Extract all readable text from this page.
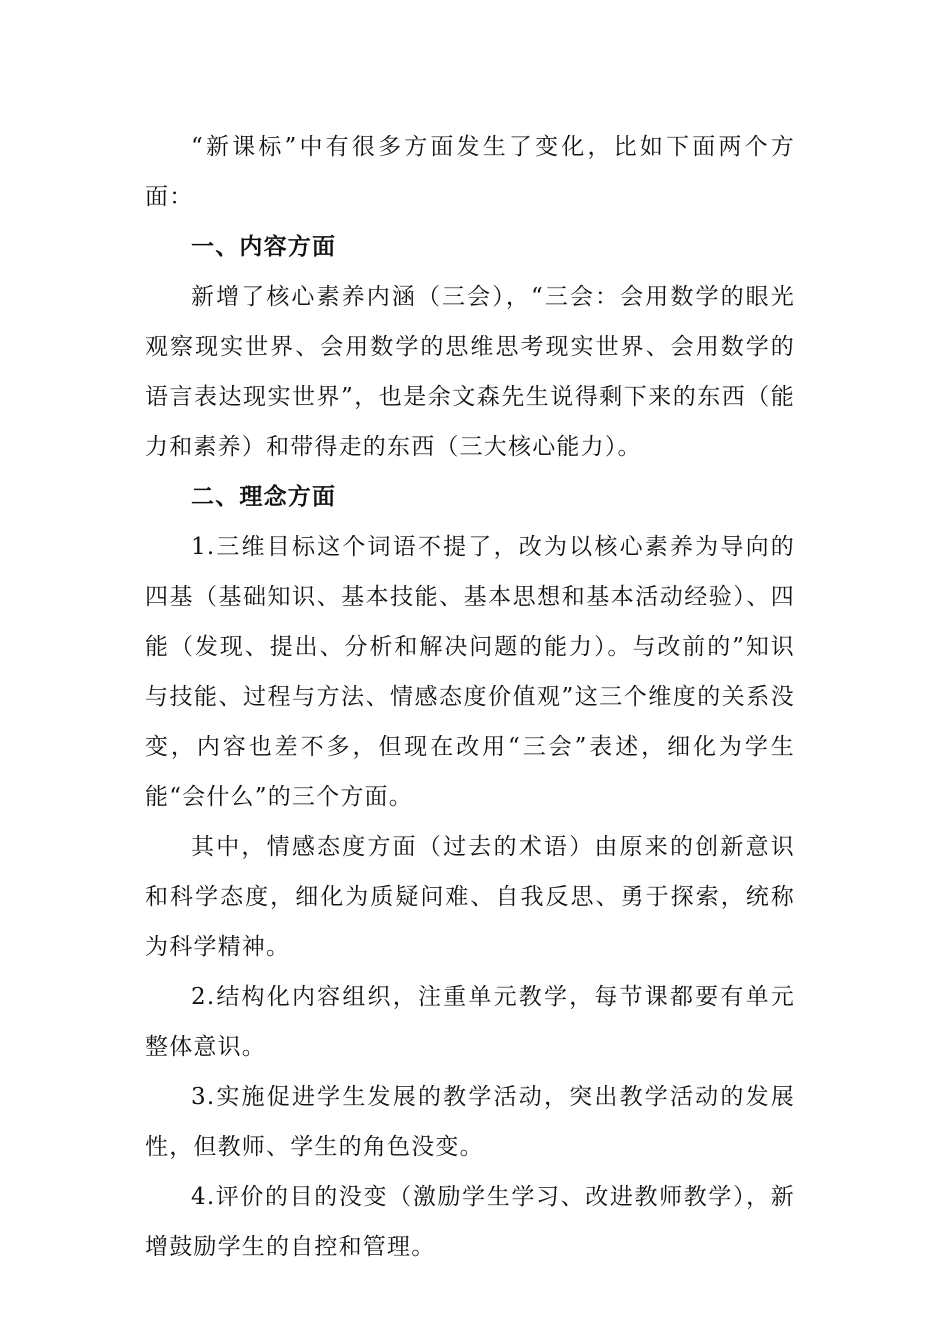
“新课标”中有很多方面发生了变化，比如下面两个方面：

一、内容方面

新增了核心素养内涵（三会），“三会：会用数学的眼光观察现实世界、会用数学的思维思考现实世界、会用数学的语言表达现实世界”，也是余文森先生说得剩下来的东西（能力和素养）和带得走的东西（三大核心能力）。

二、理念方面

1.三维目标这个词语不提了，改为以核心素养为导向的四基（基础知识、基本技能、基本思想和基本活动经验）、四能（发现、提出、分析和解决问题的能力）。与改前的”知识与技能、过程与方法、情感态度价值观”这三个维度的关系没变，内容也差不多，但现在改用“三会”表述，细化为学生能“会什么”的三个方面。

其中，情感态度方面（过去的术语）由原来的创新意识和科学态度，细化为质疑问难、自我反思、勇于探索，统称为科学精神。

2.结构化内容组织，注重单元教学，每节课都要有单元整体意识。

3.实施促进学生发展的教学活动，突出教学活动的发展性，但教师、学生的角色没变。

4.评价的目的没变（激励学生学习、改进教师教学），新增鼓励学生的自控和管理。
